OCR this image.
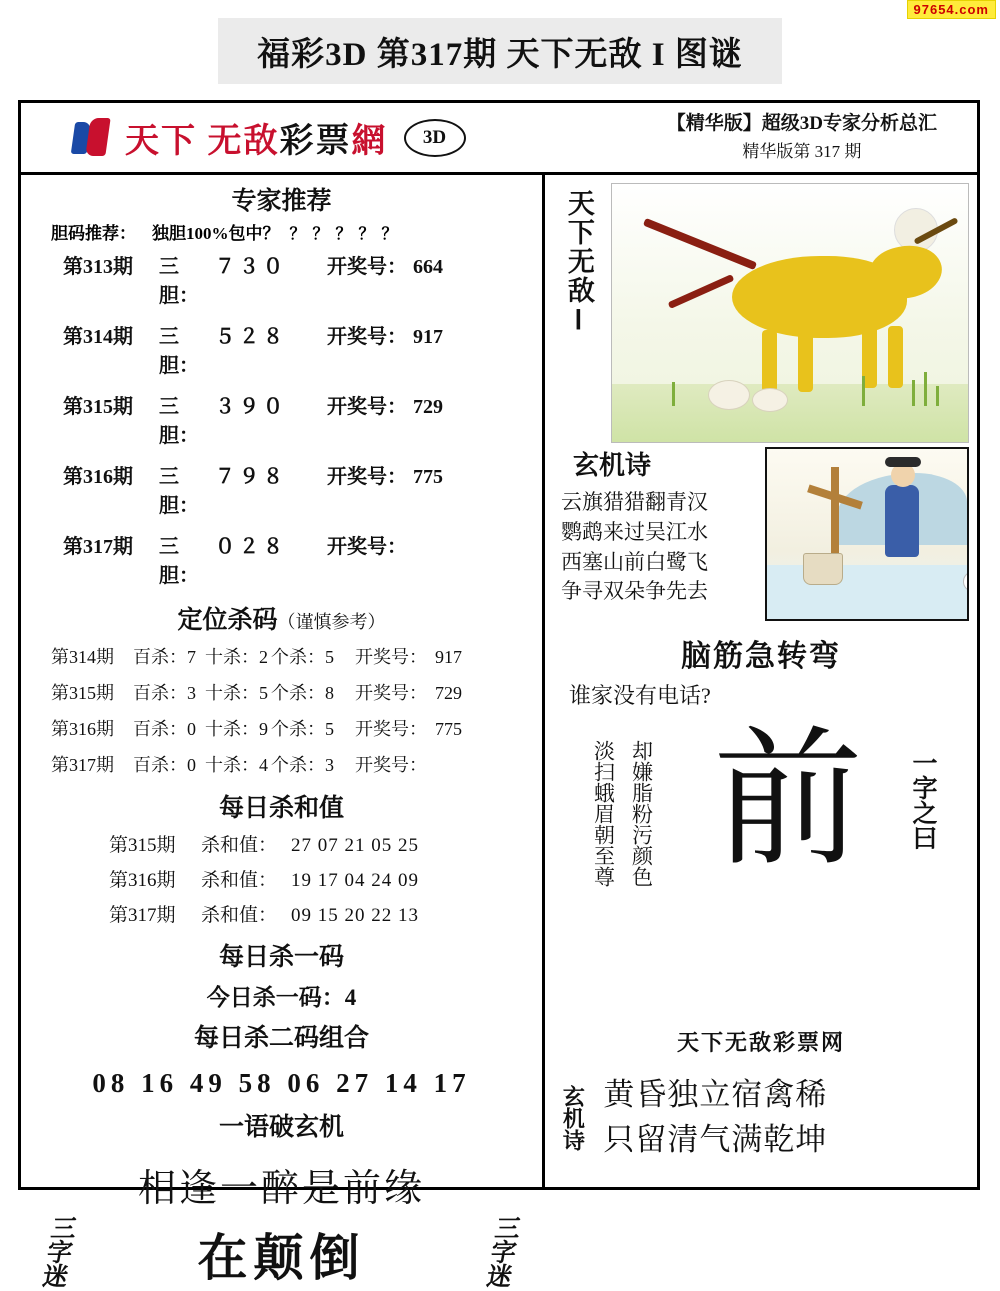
97654.com
福彩3D 第317期 天下无敌 I 图谜
天下 无敌彩票網	3D
【精华版】超级3D专家分析总汇
精华版第 317 期
专家推荐
胆码推荐： 独胆100%包中？ ？？？？？
第313期	三胆：
７３０	开奖号： 664
第314期	三胆：
５２８	开奖号： 917
第315期	三胆：
３９０	开奖号： 729
第316期	三胆：
７９８	开奖号： 775
第317期	三胆：
０２８	开奖号：
定位杀码（谨慎参考）
第314期	百杀：7 十杀：2 个杀：5	开奖号： 917
第315期	百杀：3 十杀：5 个杀：8	开奖号： 729
第316期	百杀：0 十杀：9 个杀：5	开奖号： 775
第317期	百杀：0 十杀：4 个杀：3	开奖号：
每日杀和值
第315期	杀和值： 27 07 21 05 25
第316期	杀和值： 19 17 04 24 09
第317期	杀和值： 09 15 20 22 13
每日杀一码
今日杀一码：4
每日杀二码组合
08 16 49 58 06 27 14 17
一语破玄机
相逢一醉是前缘
三
字
迷	在颠倒
三
字
迷
天下无敌Ⅰ
玄机诗
云旗猎猎翻青汉
鹦鹉来过吴江水
西塞山前白鹭飞
争寻双朵争先去
脑筋急转弯
谁家没有电话?
淡扫蛾眉朝至尊 却嫌脂粉污颜色 前 一字之曰
天下无敌彩票网
玄机诗 黄昏独立宿禽稀
只留清气满乾坤
